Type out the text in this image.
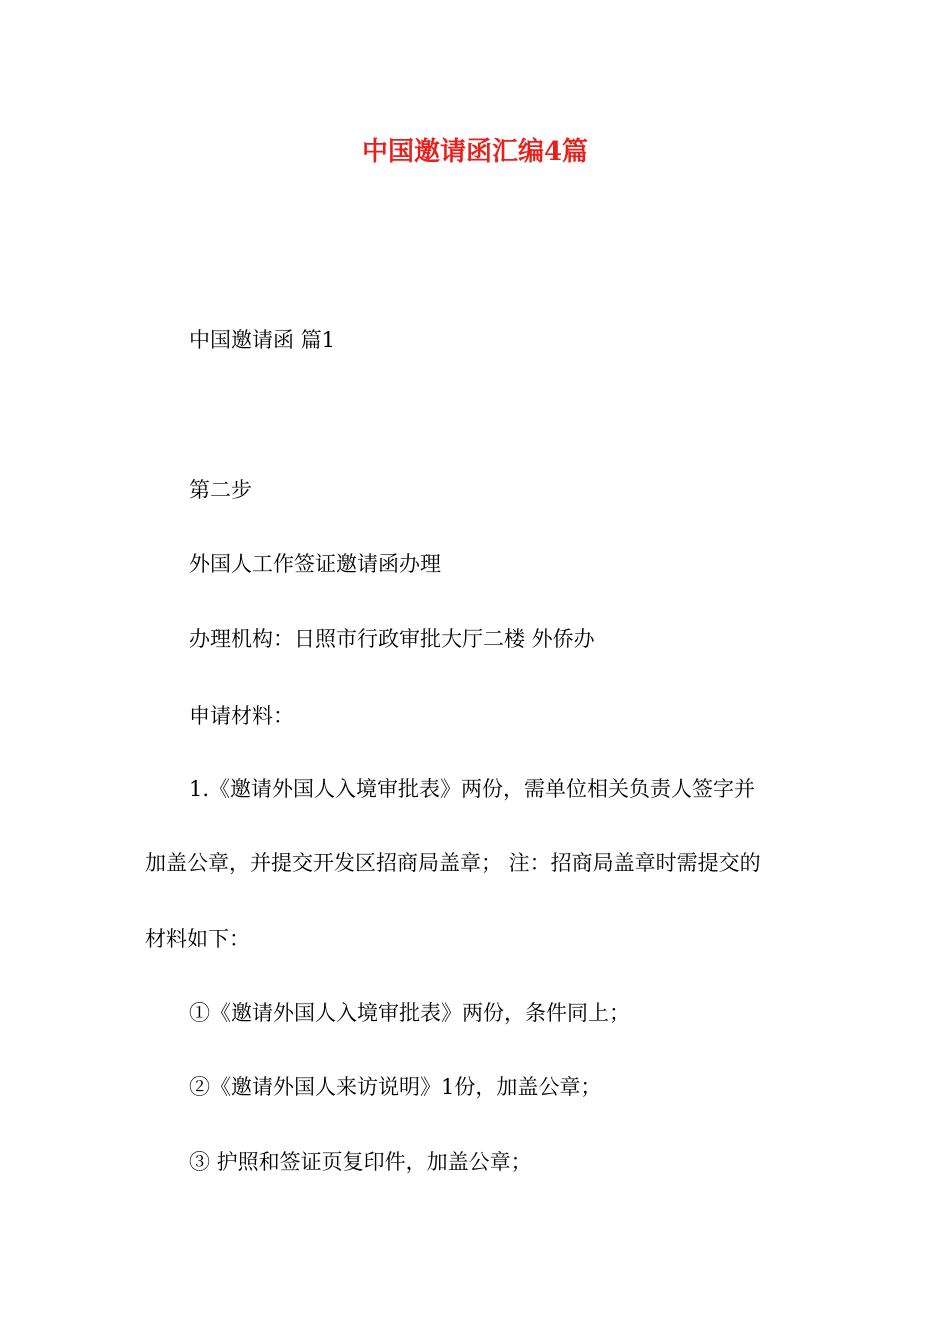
中国邀请函汇编4篇
中国邀请函 篇1
第二步
外国人工作签证邀请函办理
办理机构：日照市行政审批大厅二楼 外侨办
申请材料：
1.《邀请外国人入境审批表》两份，需单位相关负责人签字并
加盖公章，并提交开发区招商局盖章； 注：招商局盖章时需提交的
材料如下：
①《邀请外国人入境审批表》两份，条件同上；
②《邀请外国人来访说明》1份，加盖公章；
③ 护照和签证页复印件，加盖公章；
